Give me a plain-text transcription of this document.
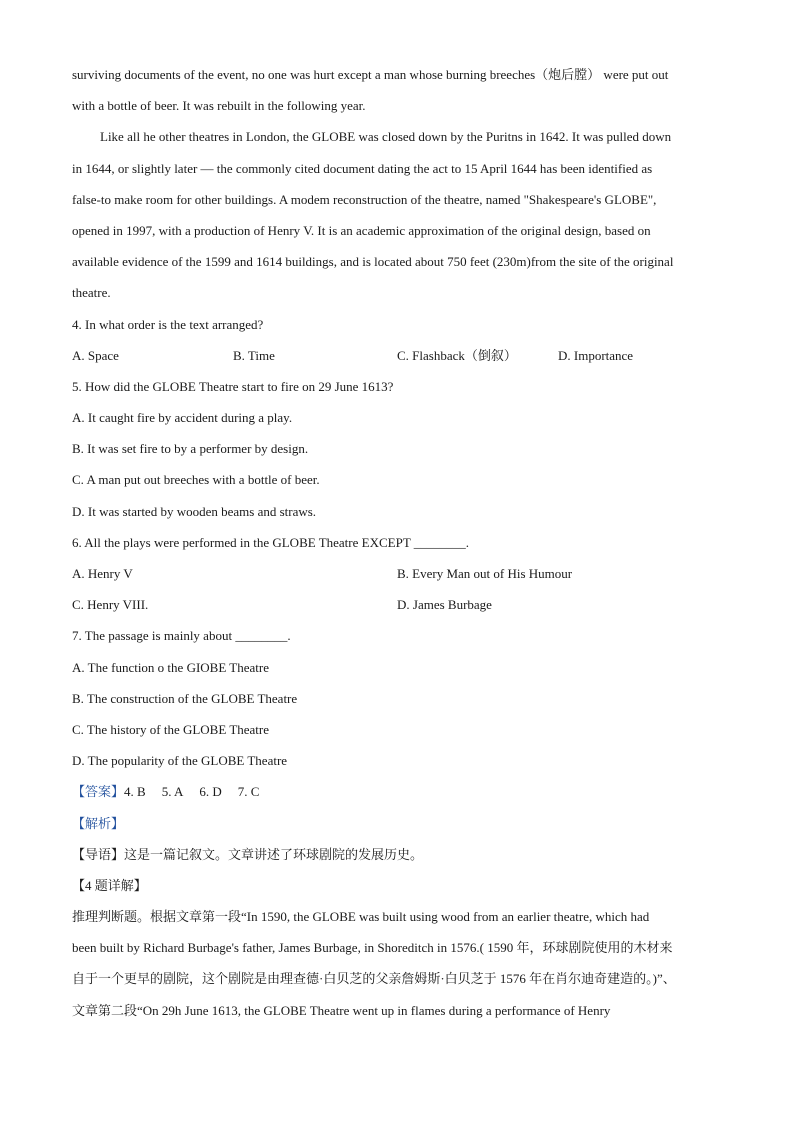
surviving documents of the event, no one was hurt except a man whose burning breeches（炮后膛） were put out
with a bottle of beer. It was rebuilt in the following year.
Like all he other theatres in London, the GLOBE was closed down by the Puritns in 1642. It was pulled down
in 1644, or slightly later — the commonly cited document dating the act to 15 April 1644 has been identified as
false-to make room for other buildings. A modem reconstruction of the theatre, named "Shakespeare's GLOBE",
opened in 1997, with a production of Henry V. It is an academic approximation of the original design, based on
available evidence of the 1599 and 1614 buildings, and is located about 750 feet (230m)from the site of the original
theatre.
4. In what order is the text arranged?
A. Space	B. Time	C. Flashback（倒叙）	D. Importance
5. How did the GLOBE Theatre start to fire on 29 June 1613?
A. It caught fire by accident during a play.
B. It was set fire to by a performer by design.
C. A man put out breeches with a bottle of beer.
D. It was started by wooden beams and straws.
6. All the plays were performed in the GLOBE Theatre EXCEPT ________.
A. Henry V	B. Every Man out of His Humour
C. Henry VIII.	D. James Burbage
7. The passage is mainly about ________.
A. The function o the GIOBE Theatre
B. The construction of the GLOBE Theatre
C. The history of the GLOBE Theatre
D. The popularity of the GLOBE Theatre
【答案】4. B 5. A 6. D 7. C
【解析】
【导语】这是一篇记叙文。文章讲述了环球剧院的发展历史。
【4 题详解】
推理判断题。根据文章第一段“In 1590, the GLOBE was built using wood from an earlier theatre, which had
been built by Richard Burbage's father, James Burbage, in Shoreditch in 1576.( 1590 年，环球剧院使用的木材来
自于一个更早的剧院，这个剧院是由理查德·白贝芝的父亲詹姆斯·白贝芝于 1576 年在肖尔迪奇建造的。)”、
文章第二段“On 29h June 1613, the GLOBE Theatre went up in flames during a performance of Henry
